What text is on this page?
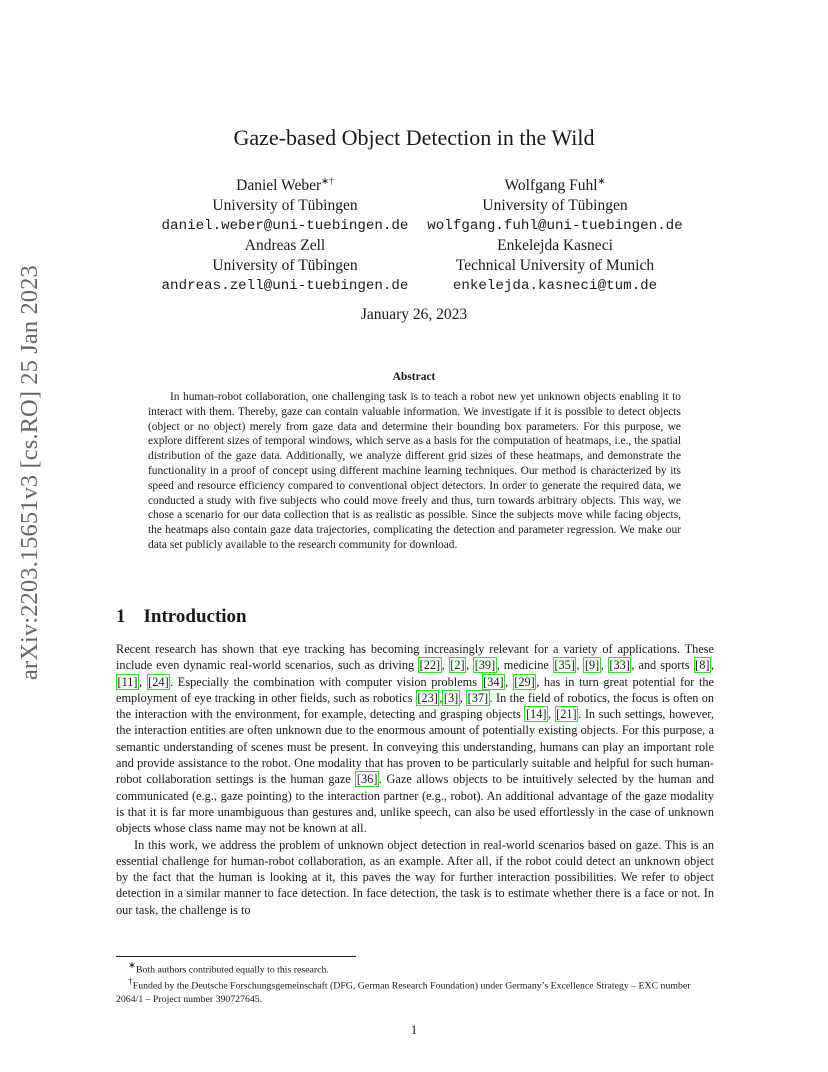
arXiv:2203.15651v3 [cs.RO] 25 Jan 2023
Gaze-based Object Detection in the Wild
Daniel Weber∗†
University of Tübingen
daniel.weber@uni-tuebingen.de
Wolfgang Fuhl∗
University of Tübingen
wolfgang.fuhl@uni-tuebingen.de
Andreas Zell
University of Tübingen
andreas.zell@uni-tuebingen.de
Enkelejda Kasneci
Technical University of Munich
enkelejda.kasneci@tum.de
January 26, 2023
Abstract
In human-robot collaboration, one challenging task is to teach a robot new yet unknown objects enabling it to interact with them. Thereby, gaze can contain valuable information. We investigate if it is possible to detect objects (object or no object) merely from gaze data and determine their bounding box parameters. For this purpose, we explore different sizes of temporal windows, which serve as a basis for the computation of heatmaps, i.e., the spatial distribution of the gaze data. Additionally, we analyze different grid sizes of these heatmaps, and demonstrate the functionality in a proof of concept using different machine learning techniques. Our method is characterized by its speed and resource efficiency compared to conventional object detectors. In order to generate the required data, we conducted a study with five subjects who could move freely and thus, turn towards arbitrary objects. This way, we chose a scenario for our data collection that is as realistic as possible. Since the subjects move while facing objects, the heatmaps also contain gaze data trajectories, complicating the detection and parameter regression. We make our data set publicly available to the research community for download.
1 Introduction

Recent research has shown that eye tracking has becoming increasingly relevant for a variety of applications. These include even dynamic real-world scenarios, such as driving [22] , [2] , [39] , medicine [35] , [9] , [33] , and sports [8] , [11] , [24] . Especially the combination with computer vision problems [34] , [29] , has in turn great potential for the employment of eye tracking in other fields, such as robotics [23] , [3] , [37] . In the field of robotics, the focus is often on the interaction with the environment, for example, detecting and grasping objects [14] , [21] . In such settings, however, the interaction entities are often unknown due to the enormous amount of potentially existing objects. For this purpose, a semantic understanding of scenes must be present. In conveying this understanding, humans can play an important role and provide assistance to the robot. One modality that has proven to be particularly suitable and helpful for such human-robot collaboration settings is the human gaze [36] . Gaze allows objects to be intuitively selected by the human and communicated (e.g., gaze pointing) to the interaction partner (e.g., robot). An additional advantage of the gaze modality is that it is far more unambiguous than gestures and, unlike speech, can also be used effortlessly in the case of unknown objects whose class name may not be known at all.

In this work, we address the problem of unknown object detection in real-world scenarios based on gaze. This is an essential challenge for human-robot collaboration, as an example. After all, if the robot could detect an unknown object by the fact that the human is looking at it, this paves the way for further interaction possibilities. We refer to object detection in a similar manner to face detection. In face detection, the task is to estimate whether there is a face or not. In our task, the challenge is to

∗Both authors contributed equally to this research.

†Funded by the Deutsche Forschungsgemeinschaft (DFG, German Research Foundation) under Germany’s Excellence Strategy – EXC number 2064/1 – Project number 390727645.

1
